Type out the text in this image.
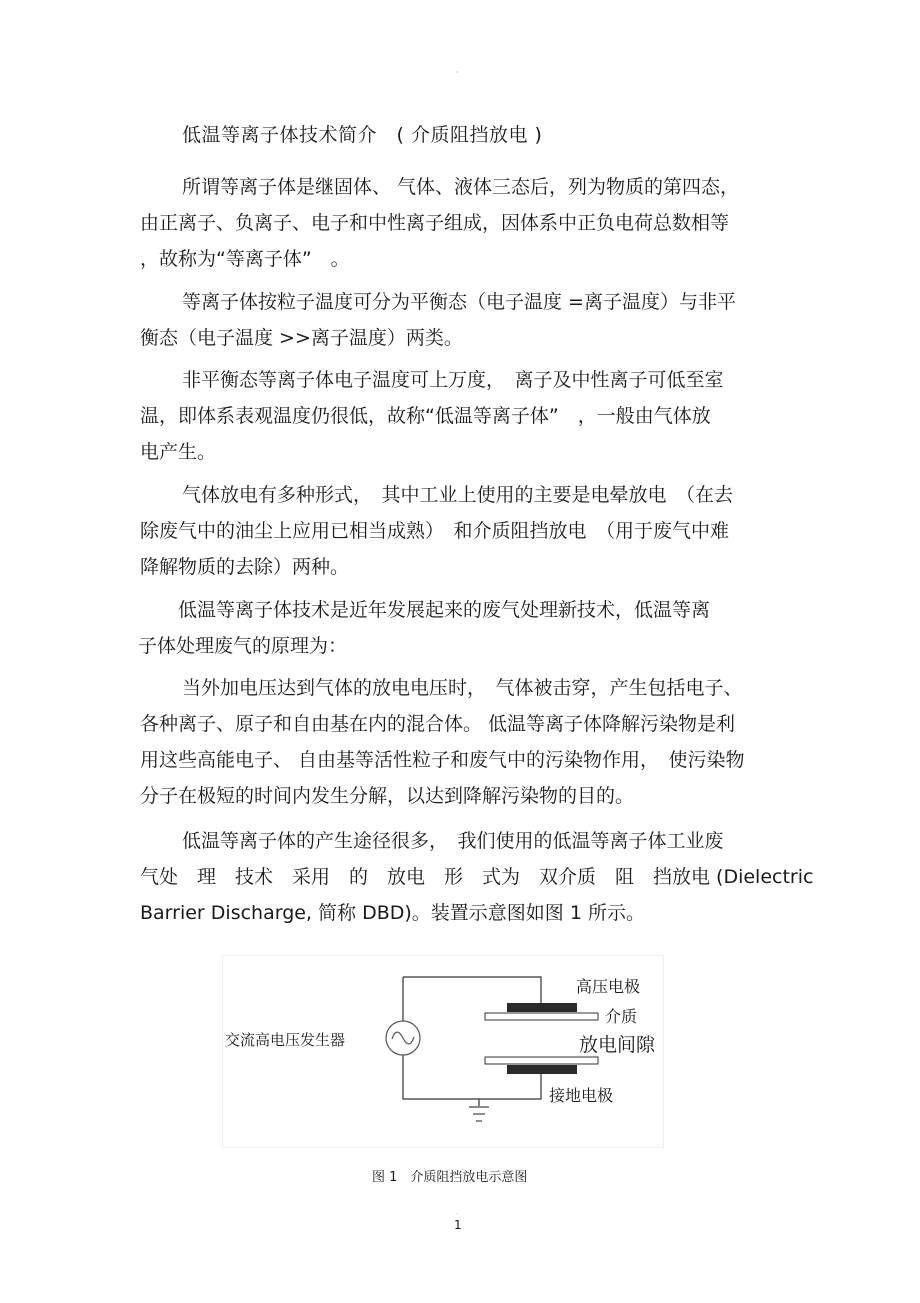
·
低温等离子体技术简介　( 介质阻挡放电 )
所谓等离子体是继固体、 气体、液体三态后，列为物质的第四态，
由正离子、负离子、电子和中性离子组成，因体系中正负电荷总数相等
，故称为“等离子体”　。
等离子体按粒子温度可分为平衡态（电子温度 =离子温度）与非平
衡态（电子温度 >>离子温度）两类。
非平衡态等离子体电子温度可上万度，　离子及中性离子可低至室
温，即体系表观温度仍很低，故称“低温等离子体”　，一般由气体放
电产生。
气体放电有多种形式，　其中工业上使用的主要是电晕放电　（在去
除废气中的油尘上应用已相当成熟）　和介质阻挡放电　（用于废气中难
降解物质的去除）两种。
低温等离子体技术是近年发展起来的废气处理新技术，低温等离
子体处理废气的原理为：
当外加电压达到气体的放电电压时，　气体被击穿，产生包括电子、
各种离子、原子和自由基在内的混合体。 低温等离子体降解污染物是利
用这些高能电子、 自由基等活性粒子和废气中的污染物作用，　使污染物
分子在极短的时间内发生分解，以达到降解污染物的目的。
低温等离子体的产生途径很多，　我们使用的低温等离子体工业废
气处　理　技术　采用　的　放电　形　式为　双介质　阻　挡放电 (Dielectric
Barrier Discharge, 简称 DBD)。装置示意图如图 1 所示。
交流高电压发生器
高压电极
介质
放电间隙
接地电极
图 1　介质阻挡放电示意图
·
1
